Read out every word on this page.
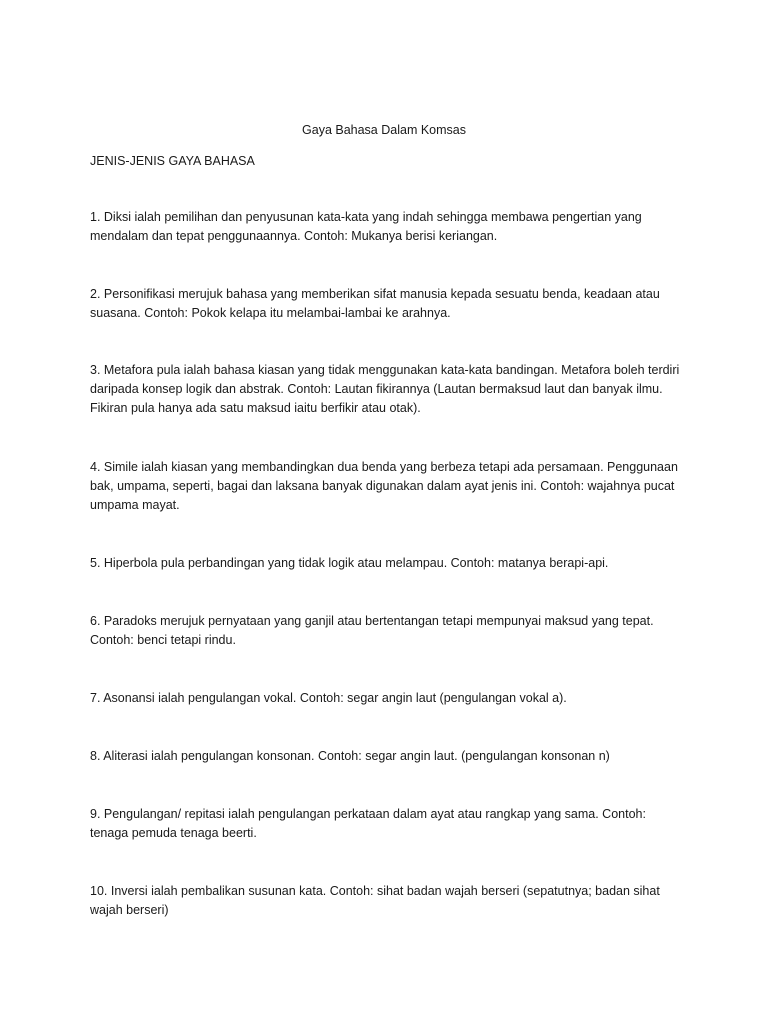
Gaya Bahasa Dalam Komsas
JENIS-JENIS GAYA BAHASA

1. Diksi ialah pemilihan dan penyusunan kata-kata yang indah sehingga membawa pengertian yang mendalam dan tepat penggunaannya. Contoh: Mukanya berisi keriangan.

2. Personifikasi merujuk bahasa yang memberikan sifat manusia kepada sesuatu benda, keadaan atau suasana. Contoh: Pokok kelapa itu melambai-lambai ke arahnya.

3. Metafora pula ialah bahasa kiasan yang tidak menggunakan kata-kata bandingan. Metafora boleh terdiri daripada konsep logik dan abstrak. Contoh: Lautan fikirannya (Lautan bermaksud laut dan banyak ilmu. Fikiran pula hanya ada satu maksud iaitu berfikir atau otak).

4. Simile ialah kiasan yang membandingkan dua benda yang berbeza tetapi ada persamaan. Penggunaan bak, umpama, seperti, bagai dan laksana banyak digunakan dalam ayat jenis ini. Contoh: wajahnya pucat umpama mayat.

5. Hiperbola pula perbandingan yang tidak logik atau melampau. Contoh: matanya berapi-api.

6. Paradoks merujuk pernyataan yang ganjil atau bertentangan tetapi mempunyai maksud yang tepat. Contoh: benci tetapi rindu.

7. Asonansi ialah pengulangan vokal. Contoh: segar angin laut (pengulangan vokal a).

8. Aliterasi ialah pengulangan konsonan. Contoh: segar angin laut. (pengulangan konsonan n)

9. Pengulangan/ repitasi ialah pengulangan perkataan dalam ayat atau rangkap yang sama. Contoh: tenaga pemuda tenaga beerti.

10. Inversi ialah pembalikan susunan kata. Contoh: sihat badan wajah berseri (sepatutnya; badan sihat wajah berseri)
